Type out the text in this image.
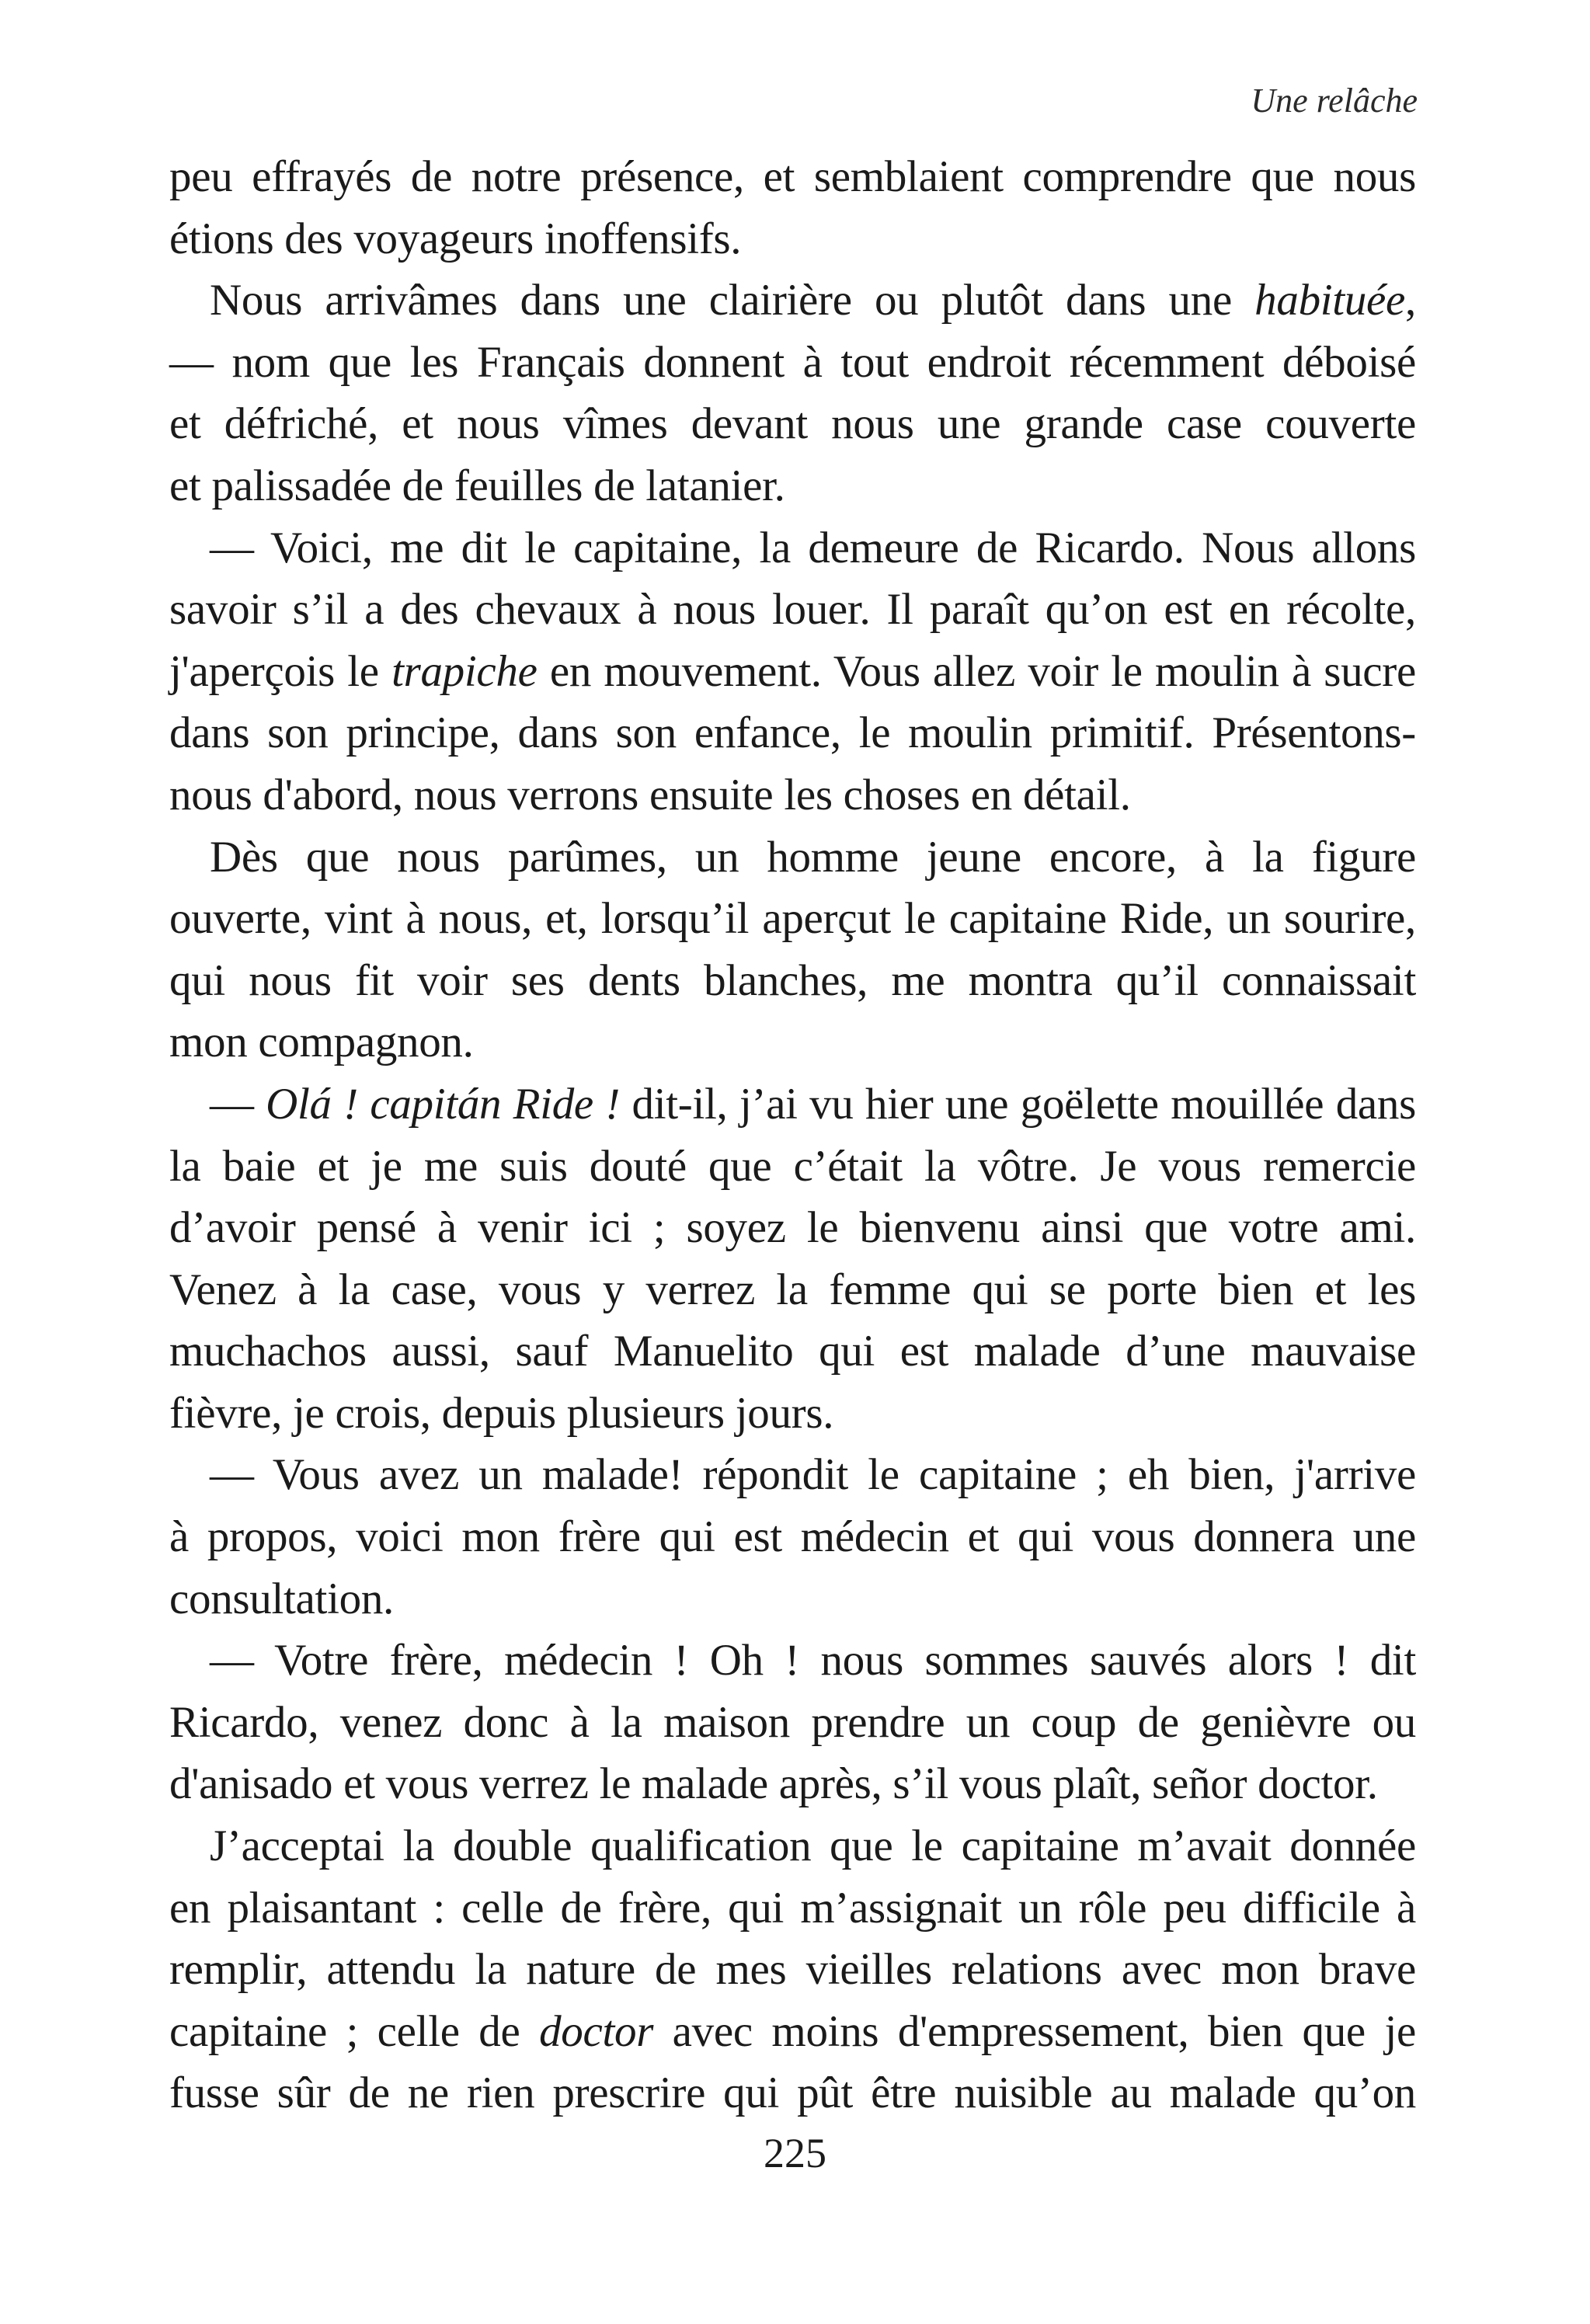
Une relâche
peu effrayés de notre présence, et semblaient comprendre que nous
étions des voyageurs inoffensifs.
Nous arrivâmes dans une clairière ou plutôt dans une habituée,
— nom que les Français donnent à tout endroit récemment déboisé
et défriché, et nous vîmes devant nous une grande case couverte
et palissadée de feuilles de latanier.
— Voici, me dit le capitaine, la demeure de Ricardo. Nous allons
savoir s’il a des chevaux à nous louer. Il paraît qu’on est en récolte,
j'aperçois le trapiche en mouvement. Vous allez voir le moulin à sucre
dans son principe, dans son enfance, le moulin primitif. Présentons-
nous d'abord, nous verrons ensuite les choses en détail.
Dès que nous parûmes, un homme jeune encore, à la figure
ouverte, vint à nous, et, lorsqu’il aperçut le capitaine Ride, un sourire,
qui nous fit voir ses dents blanches, me montra qu’il connaissait
mon compagnon.
— Olá ! capitán Ride ! dit-il, j’ai vu hier une goëlette mouillée dans
la baie et je me suis douté que c’était la vôtre. Je vous remercie
d’avoir pensé à venir ici ; soyez le bienvenu ainsi que votre ami.
Venez à la case, vous y verrez la femme qui se porte bien et les
muchachos aussi, sauf Manuelito qui est malade d’une mauvaise
fièvre, je crois, depuis plusieurs jours.
— Vous avez un malade! répondit le capitaine ; eh bien, j'arrive
à propos, voici mon frère qui est médecin et qui vous donnera une
consultation.
— Votre frère, médecin ! Oh ! nous sommes sauvés alors ! dit
Ricardo, venez donc à la maison prendre un coup de genièvre ou
d'anisado et vous verrez le malade après, s’il vous plaît, señor doctor.
J’acceptai la double qualification que le capitaine m’avait donnée
en plaisantant : celle de frère, qui m’assignait un rôle peu difficile à
remplir, attendu la nature de mes vieilles relations avec mon brave
capitaine ; celle de doctor avec moins d'empressement, bien que je
fusse sûr de ne rien prescrire qui pût être nuisible au malade qu’on
225
